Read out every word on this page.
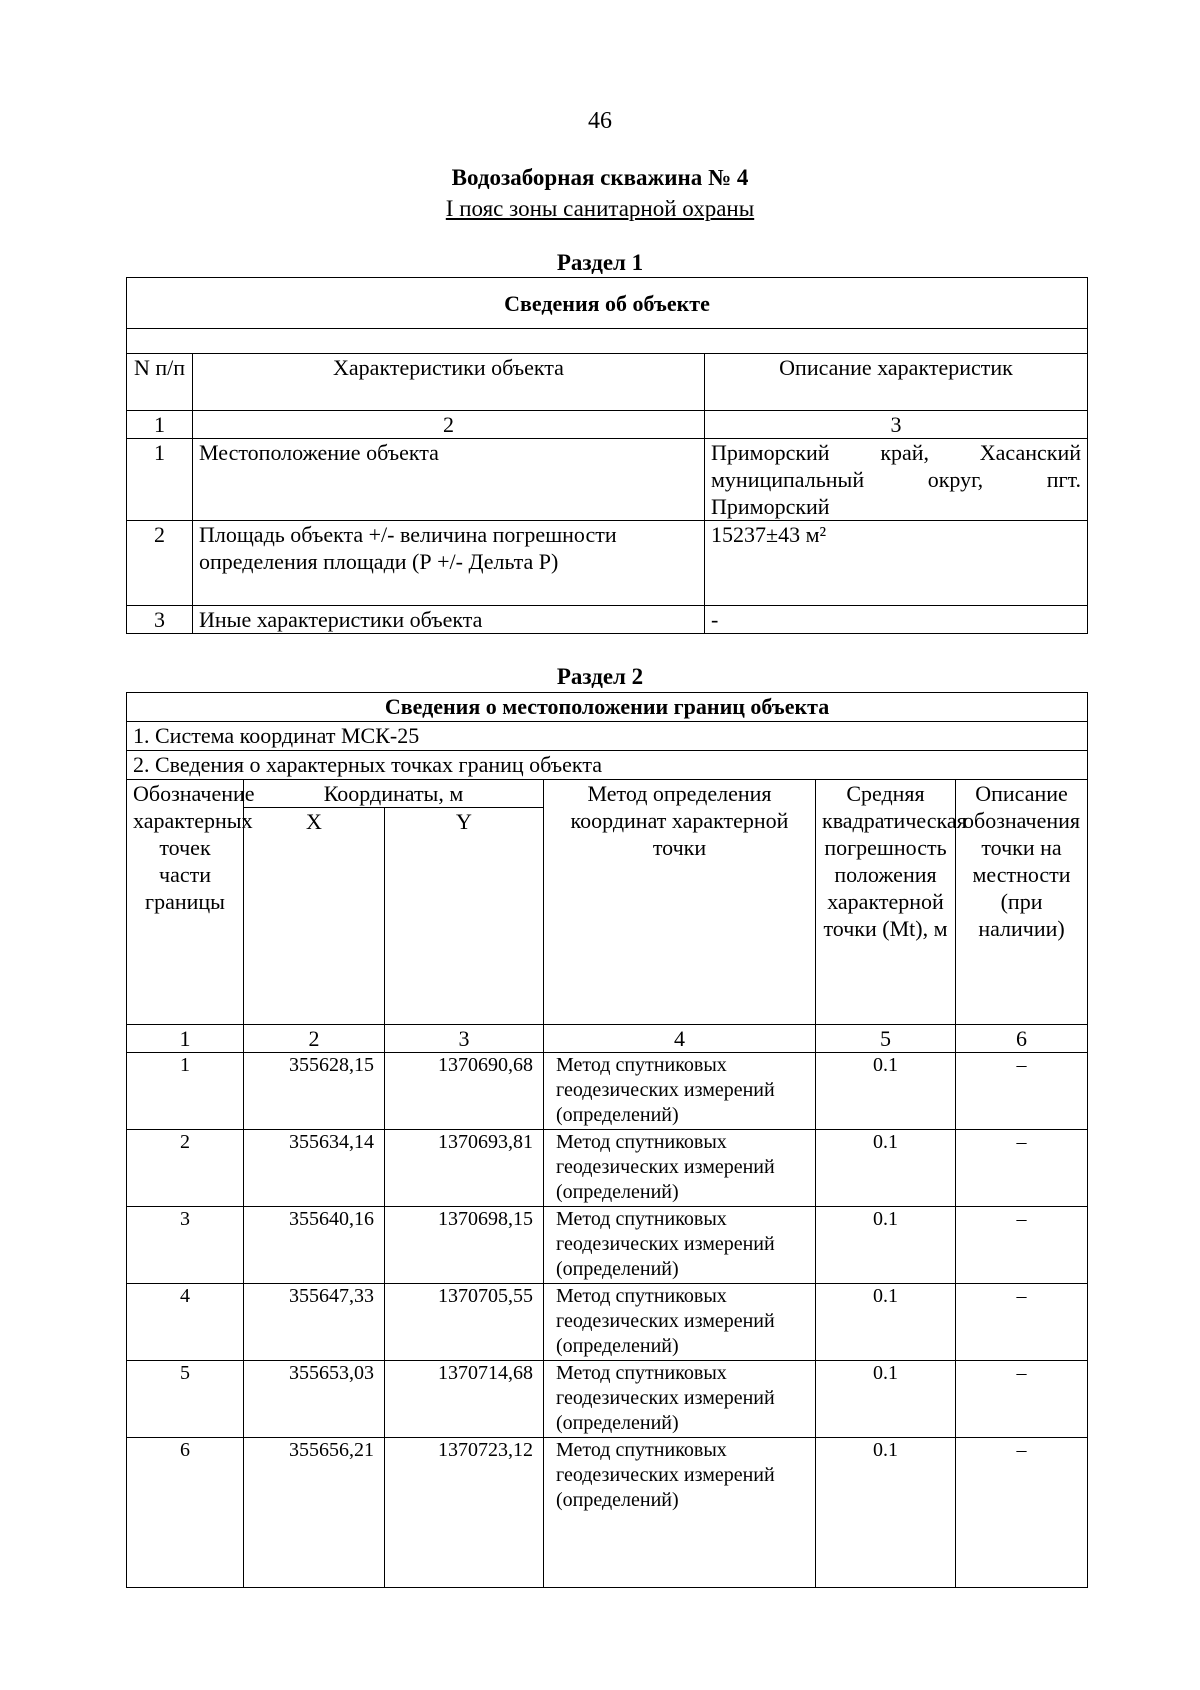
46
Водозаборная скважина № 4
I пояс зоны санитарной охраны
Раздел 1
Сведения об объекте		

N п/п	Характеристики объекта	Описание характеристик
1	2	3
1	Местоположение объекта	Приморский край, Хасанский муниципальный округ, пгт. Приморский
2	Площадь объекта +/- величина погрешности определения площади (Р +/- Дельта Р)	15237±43 м²
3	Иные характеристики объекта	-
Раздел 2
Сведения о местоположении границ объекта					
1. Система координат МСК-25					
2. Сведения о характерных точках границ объекта					
Обозначение характерных точек части границы	Координаты, м		Метод определения координат характерной точки	Средняя квадратическая погрешность положения характерной точки (Mt), м	Описание обозначения точки на местности (при наличии)
	X	Y			
1	2	3	4	5	6
1	355628,15	1370690,68	Метод спутниковых геодезических измерений (определений)	0.1	–
2	355634,14	1370693,81	Метод спутниковых геодезических измерений (определений)	0.1	–
3	355640,16	1370698,15	Метод спутниковых геодезических измерений (определений)	0.1	–
4	355647,33	1370705,55	Метод спутниковых геодезических измерений (определений)	0.1	–
5	355653,03	1370714,68	Метод спутниковых геодезических измерений (определений)	0.1	–
6	355656,21	1370723,12	Метод спутниковых геодезических измерений (определений)	0.1	–
